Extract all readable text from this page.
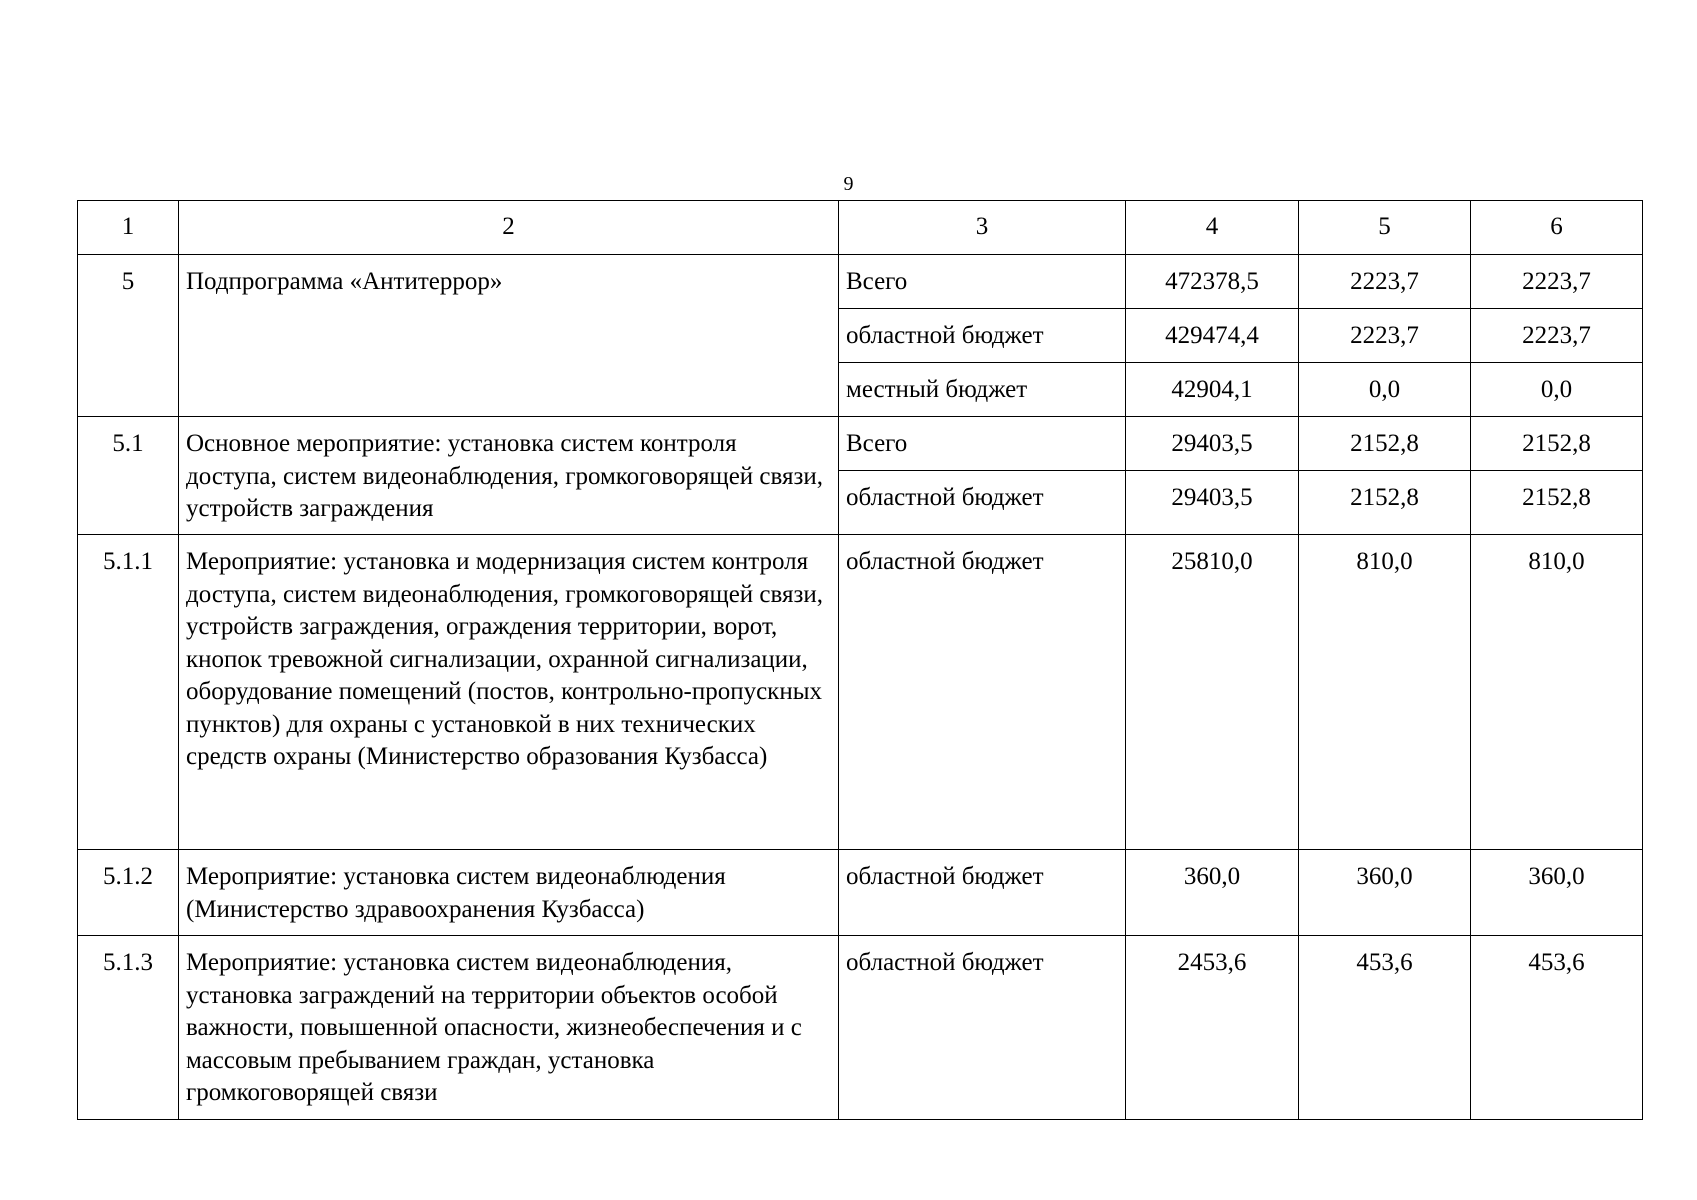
9
1	2	3	4	5	6
5	Подпрограмма «Антитеррор»	Всего	472378,5	2223,7	2223,7
		областной бюджет	429474,4	2223,7	2223,7
		местный бюджет	42904,1	0,0	0,0
5.1	Основное мероприятие: установка систем контроля доступа, систем видеонаблюдения, громкоговорящей связи, устройств заграждения	Всего	29403,5	2152,8	2152,8
		областной бюджет	29403,5	2152,8	2152,8
5.1.1	Мероприятие: установка и модернизация систем контроля доступа, систем видеонаблюдения, громкоговорящей связи, устройств заграждения, ограждения территории, ворот, кнопок тревожной сигнализации, охранной сигнализации, оборудование помещений (постов, контрольно-пропускных пунктов) для охраны с установкой в них технических средств охраны (Министерство образования Кузбасса)	областной бюджет	25810,0	810,0	810,0
5.1.2	Мероприятие: установка систем видеонаблюдения (Министерство здравоохранения Кузбасса)	областной бюджет	360,0	360,0	360,0
5.1.3	Мероприятие: установка систем видеонаблюдения, установка заграждений на территории объектов особой важности, повышенной опасности, жизнеобеспечения и с массовым пребыванием граждан, установка громкоговорящей связи	областной бюджет	2453,6	453,6	453,6
